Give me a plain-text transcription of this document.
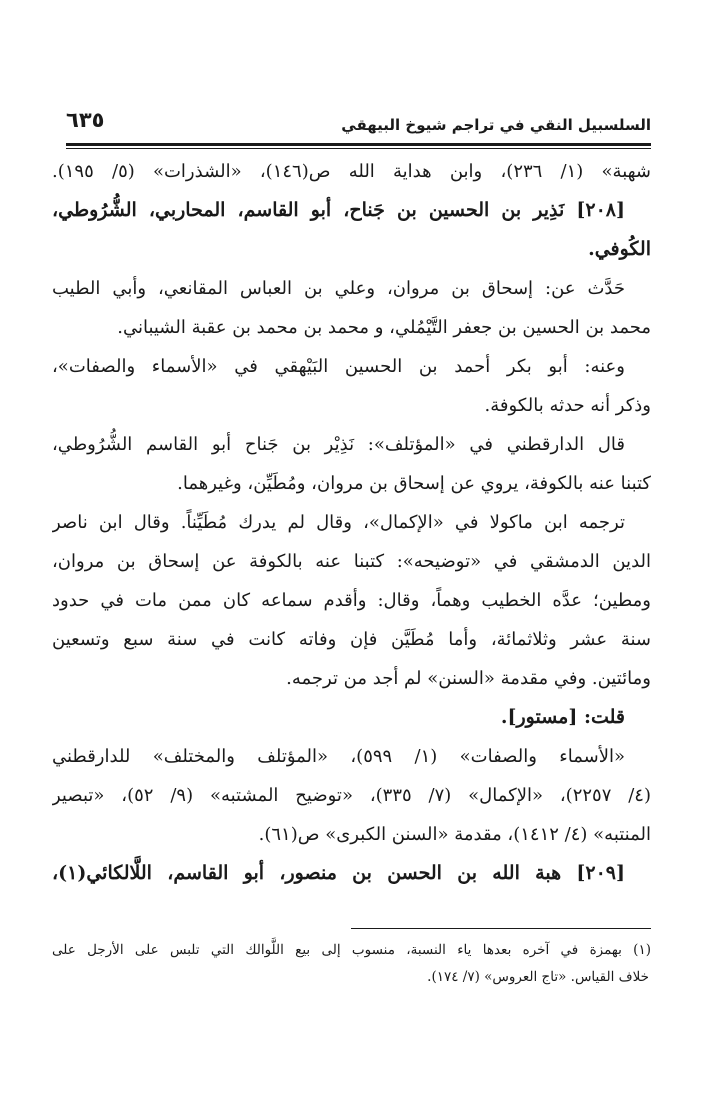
السلسبيل النقي في تراجم شيوخ البيهقي
٦٣٥
شهبة» (١/ ٢٣٦)، وابن هداية الله ص(١٤٦)، «الشذرات» (٥/ ١٩٥).
[٢٠٨] نَذِير بن الحسين بن جَناح، أبو القاسم، المحاربي، الشُّرُوطي،
الكُوفي.
حَدَّث عن: إسحاق بن مروان، وعلي بن العباس المقانعي، وأبي الطيب
محمد بن الحسين بن جعفر التَّيْمُلي، و محمد بن محمد بن عقبة الشيباني.
وعنه: أبو بكر أحمد بن الحسين البَيْهقي في «الأسماء والصفات»،
وذكر أنه حدثه بالكوفة.
قال الدارقطني في «المؤتلف»: نَذِيْر بن جَناح أبو القاسم الشُّرُوطي،
كتبنا عنه بالكوفة، يروي عن إسحاق بن مروان، ومُطَيِّن، وغيرهما.
ترجمه ابن ماكولا في «الإكمال»، وقال لم يدرك مُطَيِّناً. وقال ابن ناصر
الدين الدمشقي في «توضيحه»: كتبنا عنه بالكوفة عن إسحاق بن مروان،
ومطين؛ عدَّه الخطيب وهماً، وقال: وأقدم سماعه كان ممن مات في حدود
سنة عشر وثلاثمائة، وأما مُطَيَّن فإن وفاته كانت في سنة سبع وتسعين
ومائتين. وفي مقدمة «السنن» لم أجد من ترجمه.
قلت: [مستور].
«الأسماء والصفات» (١/ ٥٩٩)، «المؤتلف والمختلف» للدارقطني
(٤/ ٢٢٥٧)، «الإكمال» (٧/ ٣٣٥)، «توضيح المشتبه» (٩/ ٥٢)، «تبصير
المنتبه» (٤/ ١٤١٢)، مقدمة «السنن الكبرى» ص(٦١).
[٢٠٩] هبة الله بن الحسن بن منصور، أبو القاسم، اللَّالكائي(١)،
(١) بهمزة في آخره بعدها ياء النسبة، منسوب إلى بيع اللَّوالك التي تلبس على الأرجل على
خلاف القياس. «تاج العروس» (٧/ ١٧٤).
